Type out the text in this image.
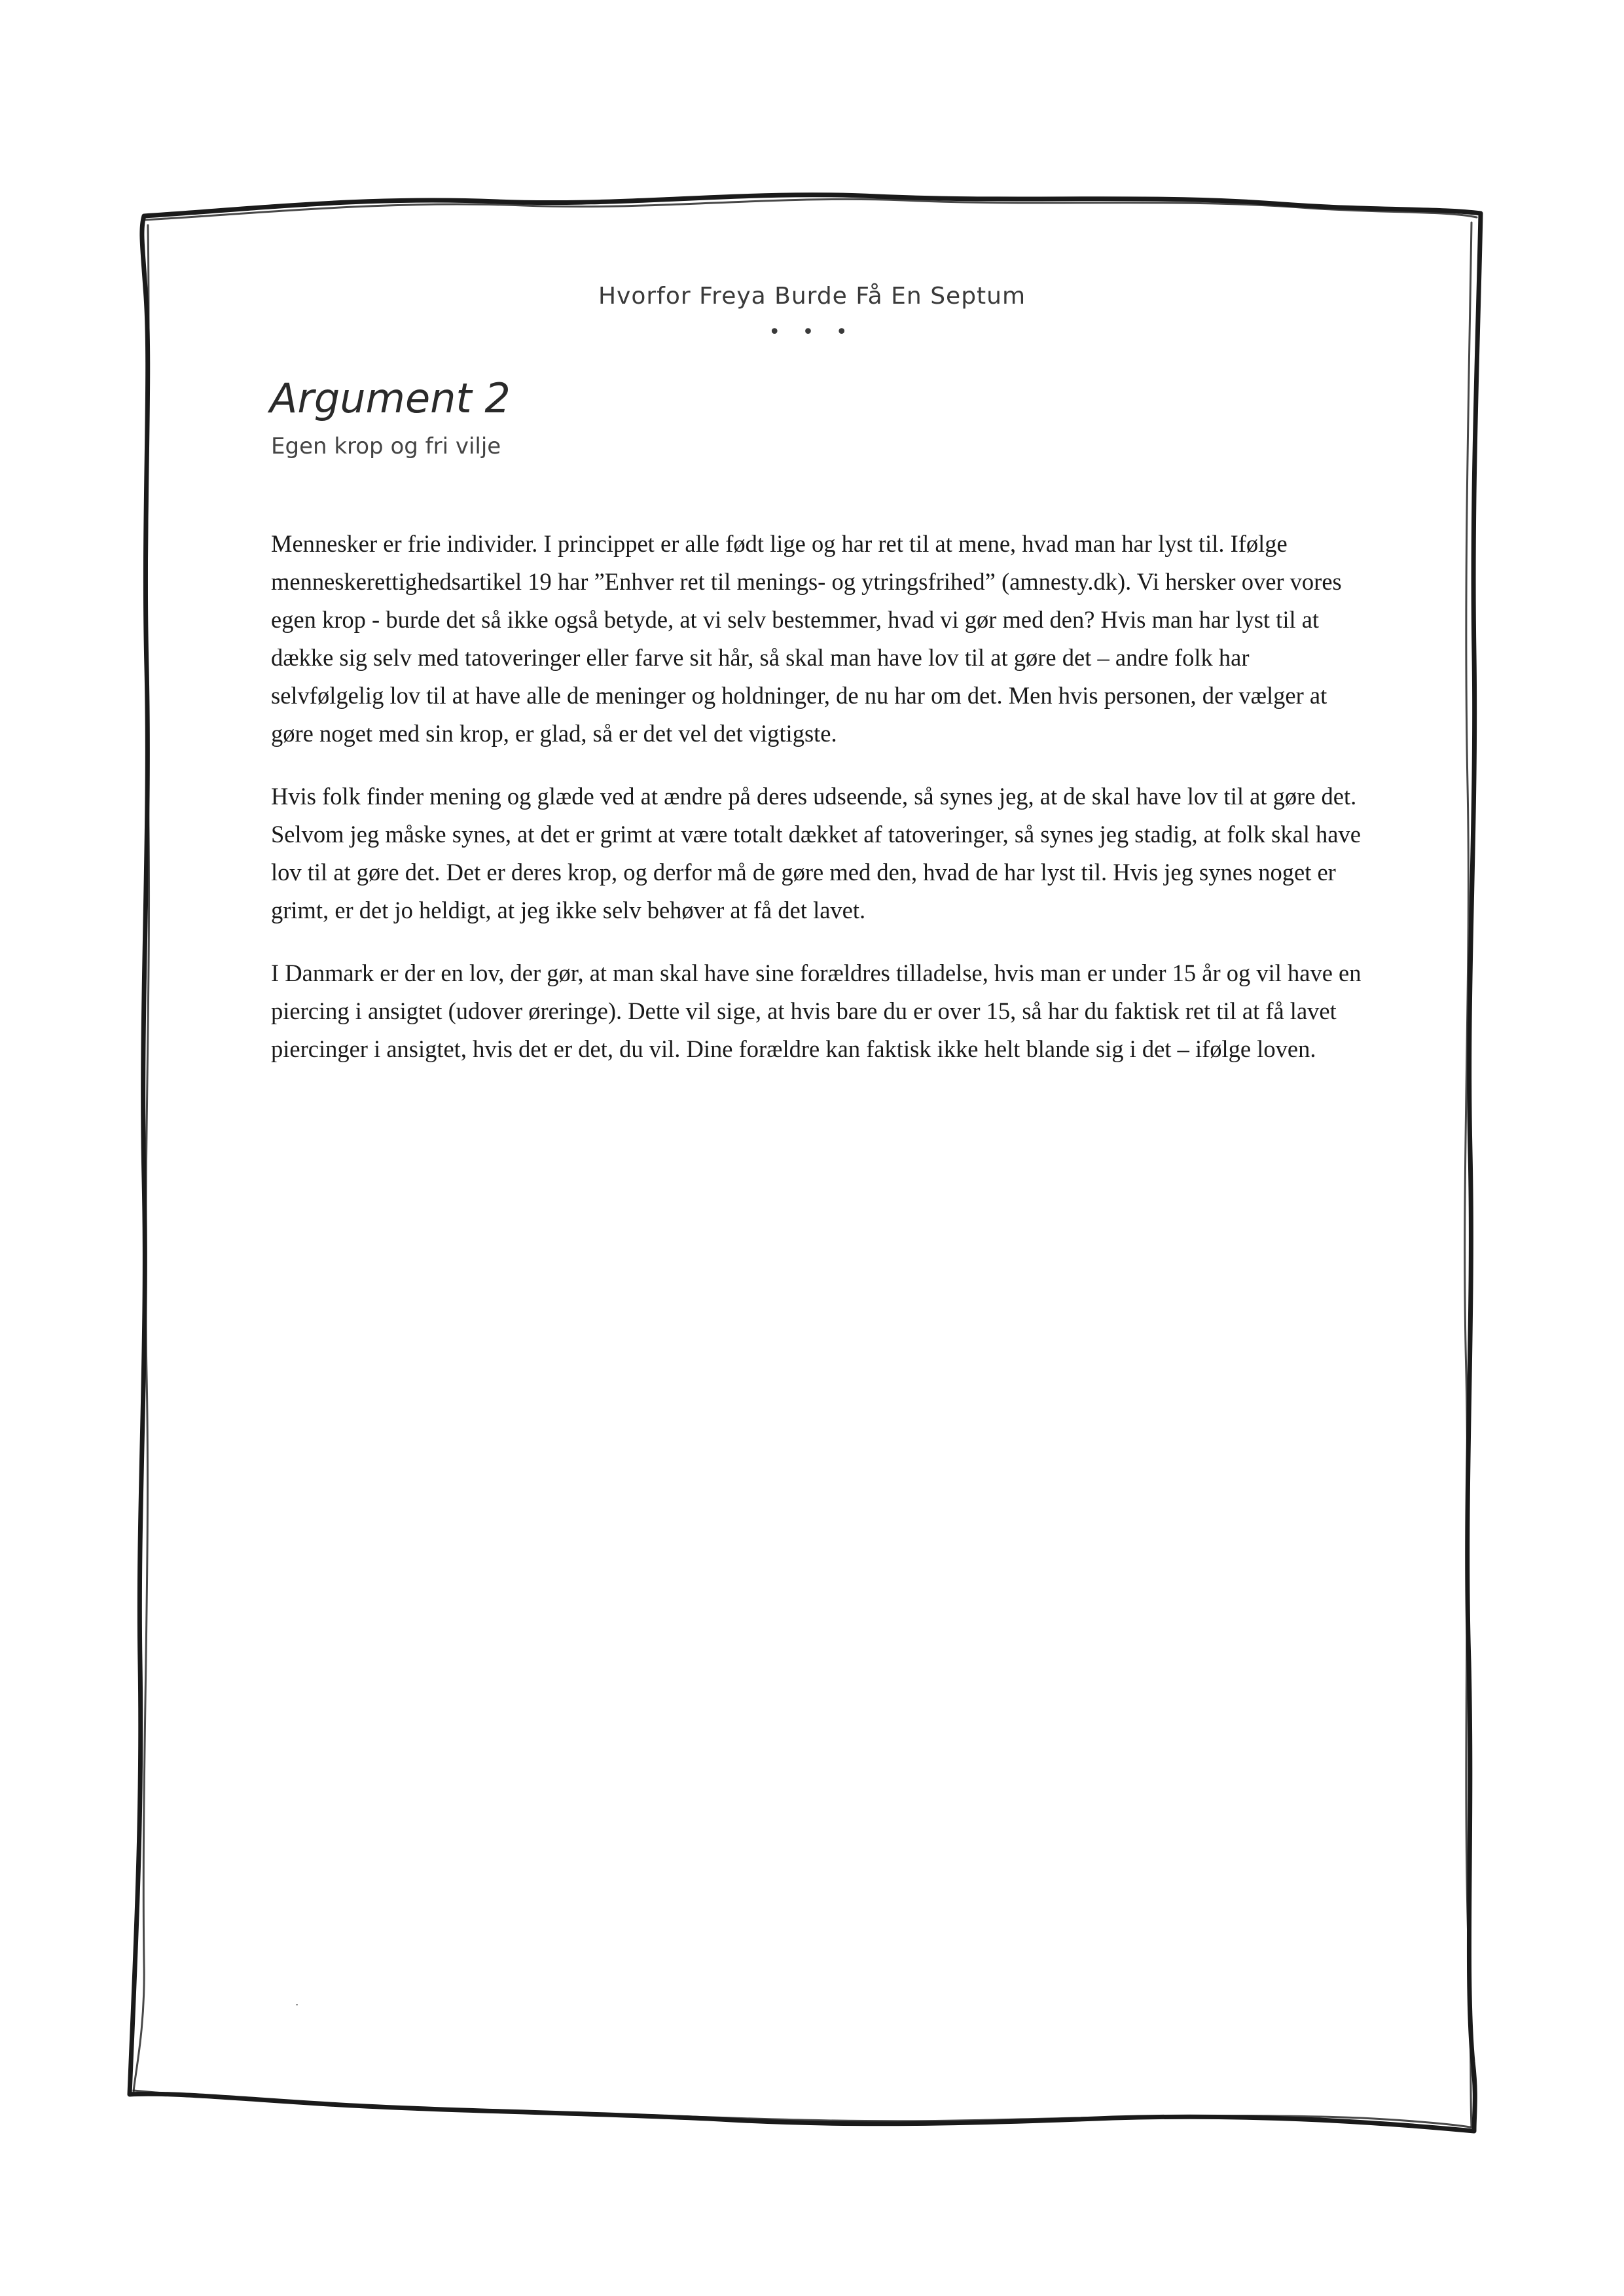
Hvorfor Freya Burde Få En Septum
• • •
Argument 2
Egen krop og fri vilje

Mennesker er frie individer. I princippet er alle født lige og har ret til at mene, hvad man har lyst til. Ifølge menneskerettighedsartikel 19 har ”Enhver ret til menings- og ytringsfrihed” (amnesty.dk). Vi hersker over vores egen krop - burde det så ikke også betyde, at vi selv bestemmer, hvad vi gør med den? Hvis man har lyst til at dække sig selv med tatoveringer eller farve sit hår, så skal man have lov til at gøre det – andre folk har selvfølgelig lov til at have alle de meninger og holdninger, de nu har om det. Men hvis personen, der vælger at gøre noget med sin krop, er glad, så er det vel det vigtigste.

Hvis folk finder mening og glæde ved at ændre på deres udseende, så synes jeg, at de skal have lov til at gøre det. Selvom jeg måske synes, at det er grimt at være totalt dækket af tatoveringer, så synes jeg stadig, at folk skal have lov til at gøre det. Det er deres krop, og derfor må de gøre med den, hvad de har lyst til. Hvis jeg synes noget er grimt, er det jo heldigt, at jeg ikke selv behøver at få det lavet.

I Danmark er der en lov, der gør, at man skal have sine forældres tilladelse, hvis man er under 15 år og vil have en piercing i ansigtet (udover øreringe). Dette vil sige, at hvis bare du er over 15, så har du faktisk ret til at få lavet piercinger i ansigtet, hvis det er det, du vil. Dine forældre kan faktisk ikke helt blande sig i det – ifølge loven.
